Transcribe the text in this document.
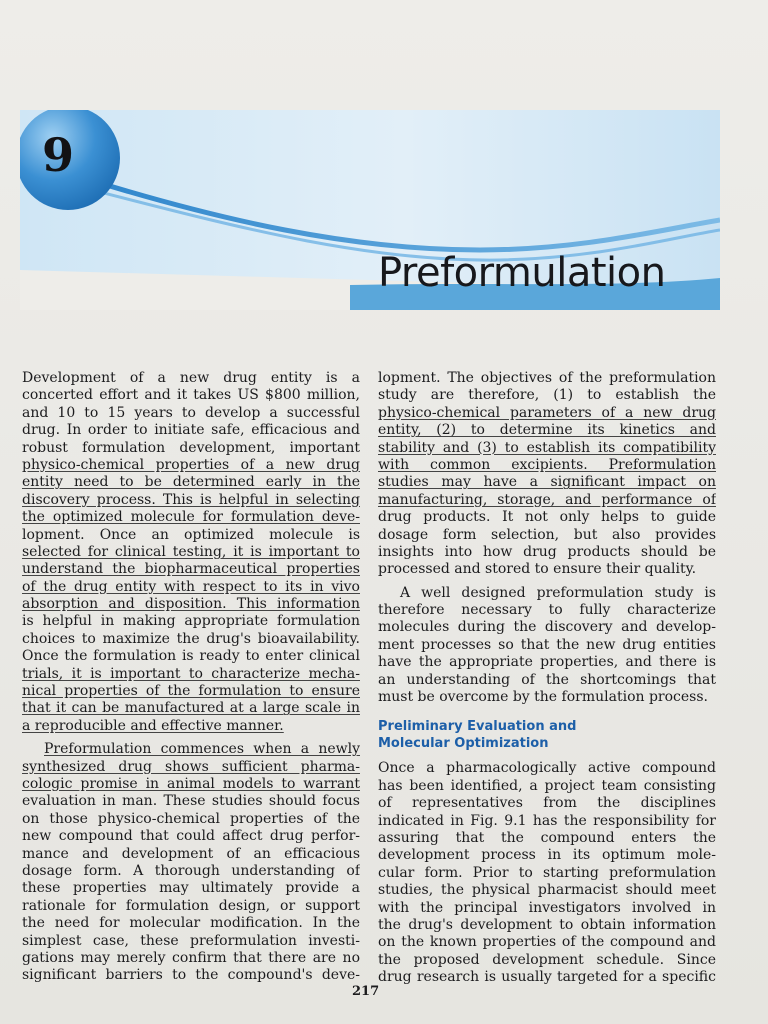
9
Preformulation
Development of a new drug entity is a
concerted effort and it takes US $800 million,
and 10 to 15 years to develop a successful
drug. In order to initiate safe, efficacious and
robust formulation development, important
physico-chemical properties of a new drug
entity need to be determined early in the
discovery process. This is helpful in selecting
the optimized molecule for formulation deve-
lopment. Once an optimized molecule is
selected for clinical testing, it is important to
understand the biopharmaceutical properties
of the drug entity with respect to its in vivo
absorption and disposition. This information
is helpful in making appropriate formulation
choices to maximize the drug's bioavailability.
Once the formulation is ready to enter clinical
trials, it is important to characterize mecha-
nical properties of the formulation to ensure
that it can be manufactured at a large scale in
a reproducible and effective manner.
Preformulation commences when a newly
synthesized drug shows sufficient pharma-
cologic promise in animal models to warrant
evaluation in man. These studies should focus
on those physico-chemical properties of the
new compound that could affect drug perfor-
mance and development of an efficacious
dosage form. A thorough understanding of
these properties may ultimately provide a
rationale for formulation design, or support
the need for molecular modification. In the
simplest case, these preformulation investi-
gations may merely confirm that there are no
significant barriers to the compound's deve-
lopment. The objectives of the preformulation
study are therefore, (1) to establish the
physico-chemical parameters of a new drug
entity, (2) to determine its kinetics and
stability and (3) to establish its compatibility
with common excipients. Preformulation
studies may have a significant impact on
manufacturing, storage, and performance of
drug products. It not only helps to guide
dosage form selection, but also provides
insights into how drug products should be
processed and stored to ensure their quality.
A well designed preformulation study is
therefore necessary to fully characterize
molecules during the discovery and develop-
ment processes so that the new drug entities
have the appropriate properties, and there is
an understanding of the shortcomings that
must be overcome by the formulation process.
Preliminary Evaluation and
Molecular Optimization
Once a pharmacologically active compound
has been identified, a project team consisting
of representatives from the disciplines
indicated in Fig. 9.1 has the responsibility for
assuring that the compound enters the
development process in its optimum mole-
cular form. Prior to starting preformulation
studies, the physical pharmacist should meet
with the principal investigators involved in
the drug's development to obtain information
on the known properties of the compound and
the proposed development schedule. Since
drug research is usually targeted for a specific
217
